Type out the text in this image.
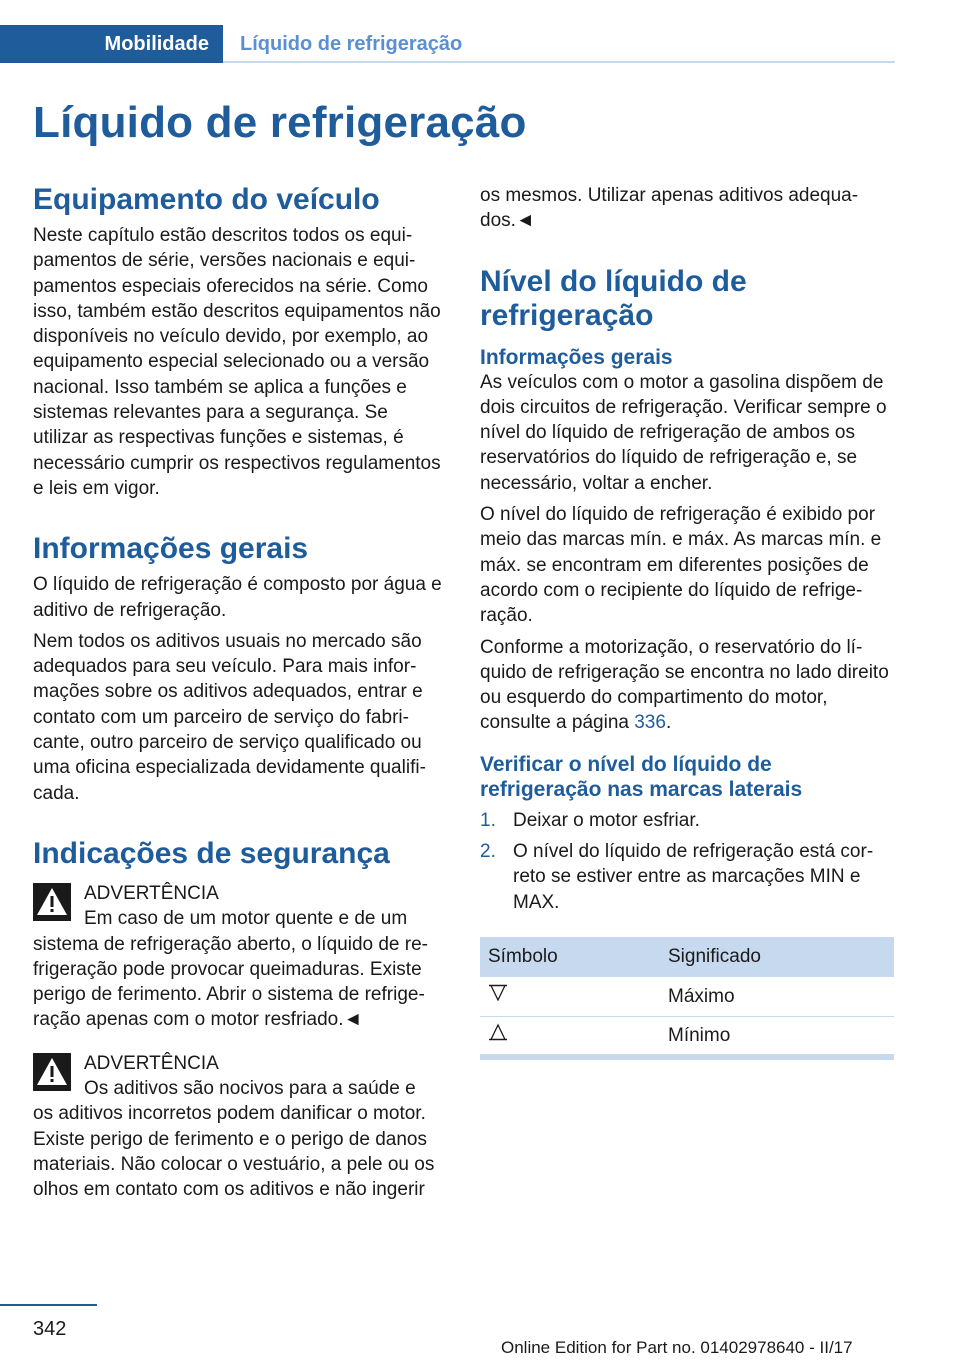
Mobilidade Líquido de refrigeração
Líquido de refrigeração
Equipamento do veículo

Neste capítulo estão descritos todos os equipamentos de série, versões nacionais e equipamentos especiais oferecidos na série. Como isso, também estão descritos equipamentos não disponíveis no veículo devido, por exemplo, ao equipamento especial selecionado ou a versão nacional. Isso também se aplica a funções e sistemas relevantes para a segurança. Se utilizar as respectivas funções e sistemas, é necessário cumprir os respectivos regulamentos e leis em vigor.

Informações gerais

O líquido de refrigeração é composto por água e aditivo de refrigeração.

Nem todos os aditivos usuais no mercado são adequados para seu veículo. Para mais informações sobre os aditivos adequados, entrar e contato com um parceiro de serviço do fabricante, outro parceiro de serviço qualificado ou uma oficina especializada devidamente qualificada.

Indicações de segurança
ADVERTÊNCIA
Em caso de um motor quente e de um

sistema de refrigeração aberto, o líquido de refrigeração pode provocar queimaduras. Existe perigo de ferimento. Abrir o sistema de refrigeração apenas com o motor resfriado.◄

ADVERTÊNCIA
Os aditivos são nocivos para a saúde e

os aditivos incorretos podem danificar o motor. Existe perigo de ferimento e o perigo de danos materiais. Não colocar o vestuário, a pele ou os olhos em contato com os aditivos e não ingerir

os mesmos. Utilizar apenas aditivos adequados.◄

Nível do líquido de refrigeração
Informações gerais

As veículos com o motor a gasolina dispõem de dois circuitos de refrigeração. Verificar sempre o nível do líquido de refrigeração de ambos os reservatórios do líquido de refrigeração e, se necessário, voltar a encher.

O nível do líquido de refrigeração é exibido por meio das marcas mín. e máx. As marcas mín. e máx. se encontram em diferentes posições de acordo com o recipiente do líquido de refrigeração.

Conforme a motorização, o reservatório do líquido de refrigeração se encontra no lado direito ou esquerdo do compartimento do motor, consulte a página 336.

Verificar o nível do líquido de refrigeração nas marcas laterais
1. Deixar o motor esfriar.
2. O nível do líquido de refrigeração está correto se estiver entre as marcações MIN e MAX.
Símbolo	Significado
	Máximo
	Mínimo
342
Online Edition for Part no. 01402978640 - II/17
